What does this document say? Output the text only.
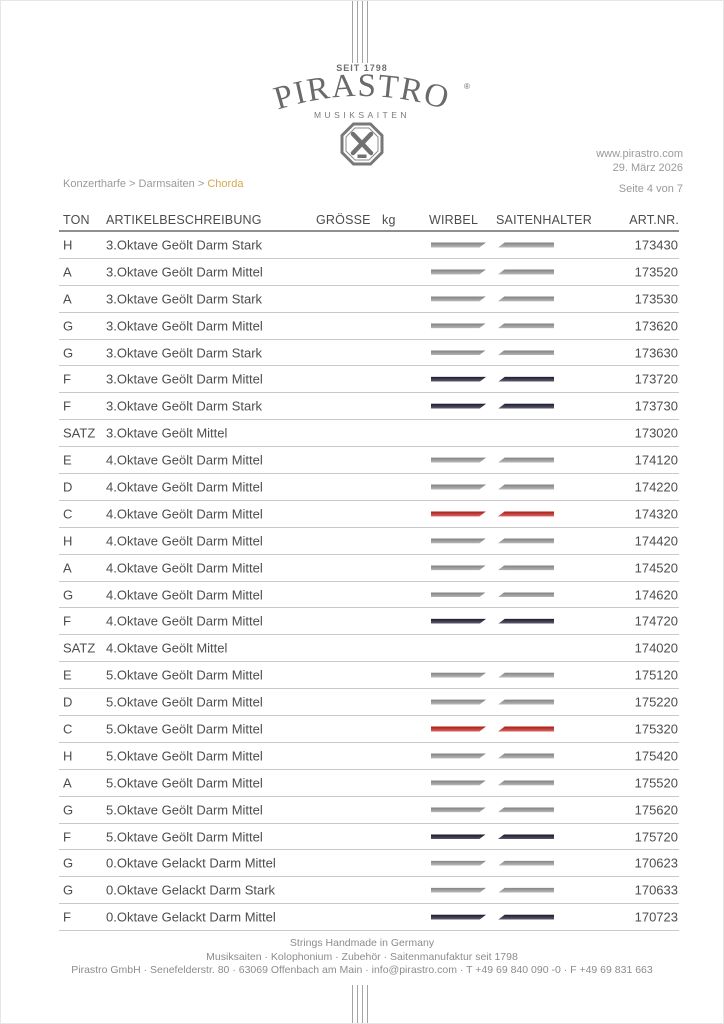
SEIT 1798
PIRASTRO ®
MUSIKSAITEN
www.pirastro.com
29. März 2026
Seite 4 von 7
Konzertharfe > Darmsaiten > Chorda
TON ARTIKELBESCHREIBUNG	GRÖSSE kg	WIRBEL SAITENHALTER	ART.NR.
H	3.Oktave Geölt Darm Stark	173430
A	3.Oktave Geölt Darm Mittel	173520
A	3.Oktave Geölt Darm Stark	173530
G	3.Oktave Geölt Darm Mittel	173620
G	3.Oktave Geölt Darm Stark	173630
F	3.Oktave Geölt Darm Mittel	173720
F	3.Oktave Geölt Darm Stark	173730
SATZ 3.Oktave Geölt Mittel	173020
E	4.Oktave Geölt Darm Mittel	174120
D	4.Oktave Geölt Darm Mittel	174220
C	4.Oktave Geölt Darm Mittel	174320
H	4.Oktave Geölt Darm Mittel	174420
A	4.Oktave Geölt Darm Mittel	174520
G	4.Oktave Geölt Darm Mittel	174620
F	4.Oktave Geölt Darm Mittel	174720
SATZ 4.Oktave Geölt Mittel	174020
E	5.Oktave Geölt Darm Mittel	175120
D	5.Oktave Geölt Darm Mittel	175220
C	5.Oktave Geölt Darm Mittel	175320
H	5.Oktave Geölt Darm Mittel	175420
A	5.Oktave Geölt Darm Mittel	175520
G	5.Oktave Geölt Darm Mittel	175620
F	5.Oktave Geölt Darm Mittel	175720
G	0.Oktave Gelackt Darm Mittel	170623
G	0.Oktave Gelackt Darm Stark	170633
F	0.Oktave Gelackt Darm Mittel	170723
Strings Handmade in Germany
Musiksaiten · Kolophonium · Zubehör · Saitenmanufaktur seit 1798
Pirastro GmbH · Senefelderstr. 80 · 63069 Offenbach am Main · info@pirastro.com · T +49 69 840 090 -0 · F +49 69 831 663
